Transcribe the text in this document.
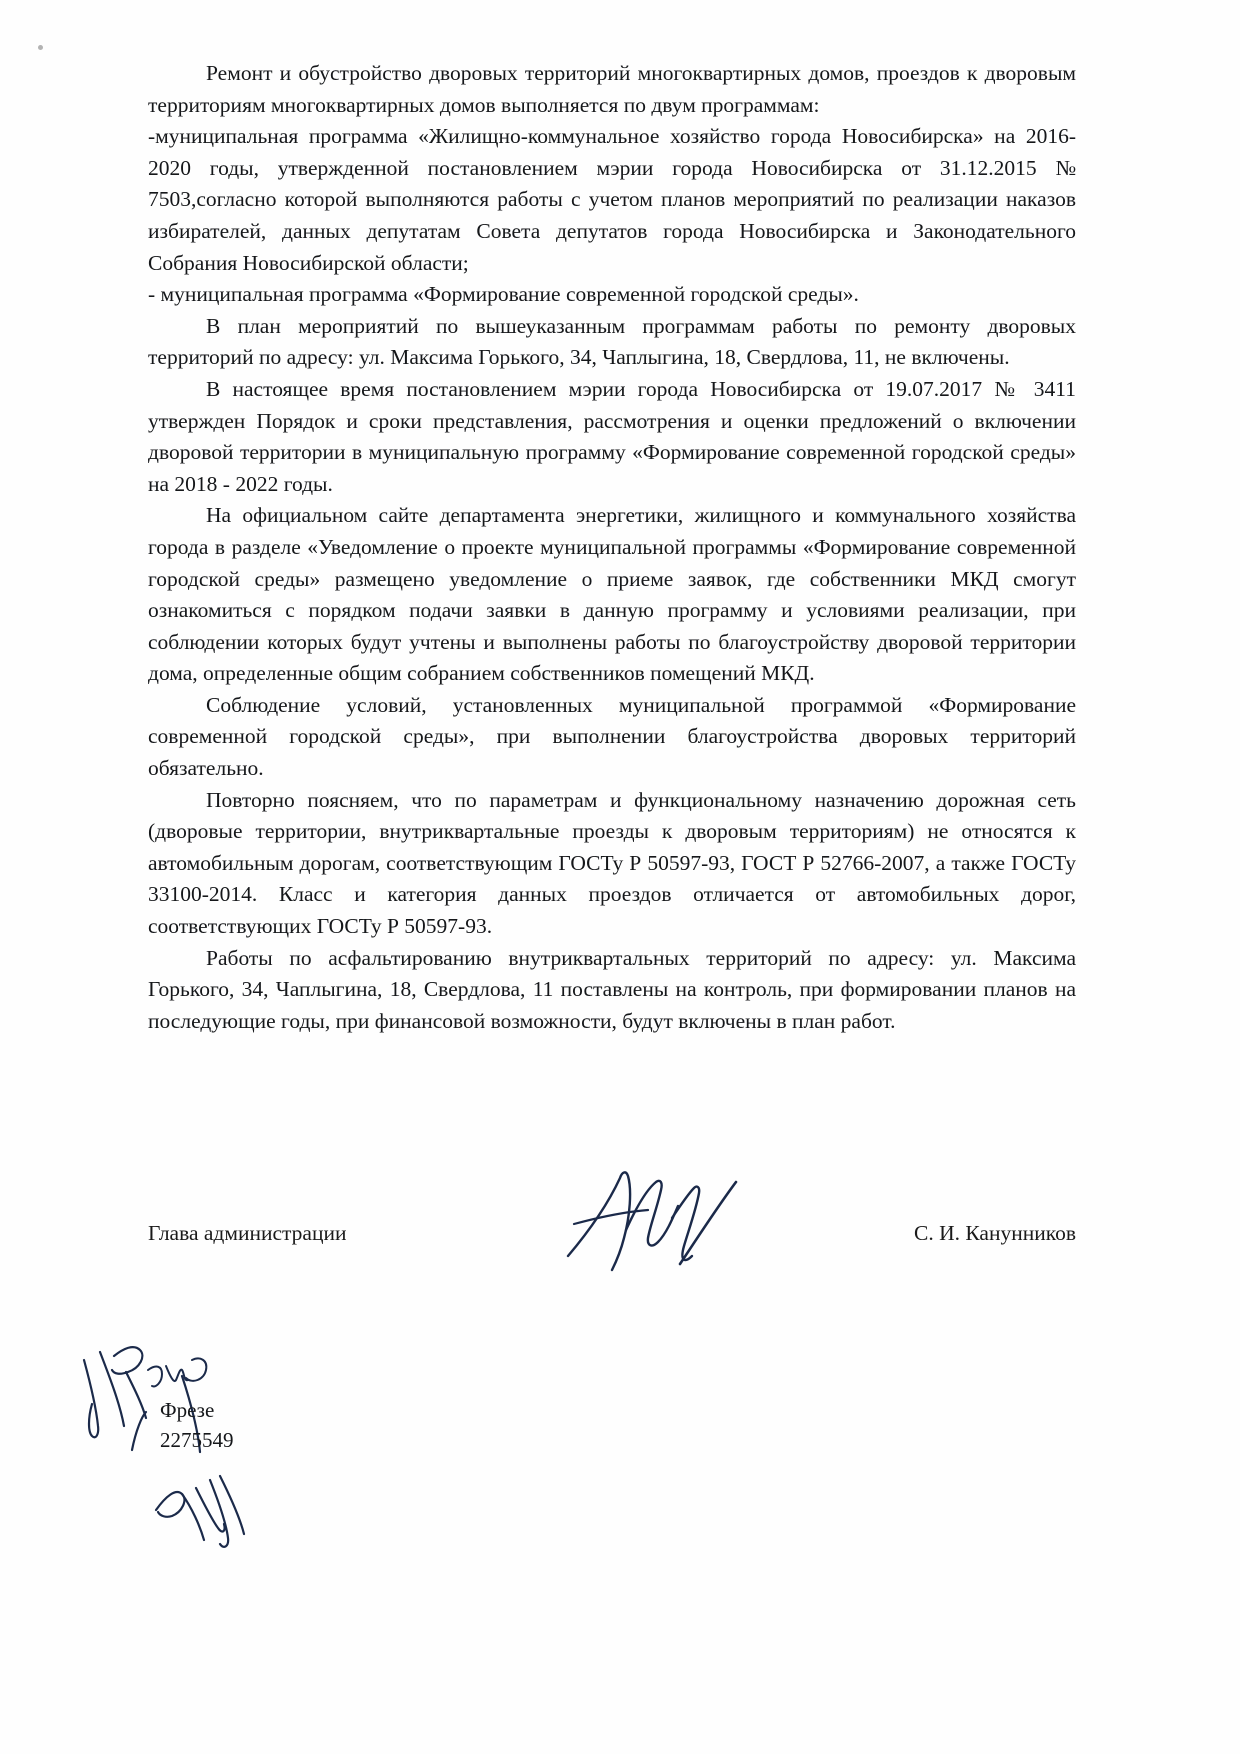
Ремонт и обустройство дворовых территорий многоквартирных домов, проездов к дворовым территориям многоквартирных домов выполняется по двум программам:

-муниципальная программа «Жилищно-коммунальное хозяйство города Новосибирска» на 2016-2020 годы, утвержденной постановлением мэрии города Новосибирска от 31.12.2015 № 7503,согласно которой выполняются работы с учетом планов мероприятий по реализации наказов избирателей, данных депутатам Совета депутатов города Новосибирска и Законодательного Собрания Новосибирской области;

- муниципальная программа «Формирование современной городской среды».

В план мероприятий по вышеуказанным программам работы по ремонту дворовых территорий по адресу: ул. Максима Горького, 34, Чаплыгина, 18, Свердлова, 11, не включены.

В настоящее время постановлением мэрии города Новосибирска от 19.07.2017 № 3411 утвержден Порядок и сроки представления, рассмотрения и оценки предложений о включении дворовой территории в муниципальную программу «Формирование современной городской среды» на 2018 - 2022 годы.

На официальном сайте департамента энергетики, жилищного и коммунального хозяйства города в разделе «Уведомление о проекте муниципальной программы «Формирование современной городской среды» размещено уведомление о приеме заявок, где собственники МКД смогут ознакомиться с порядком подачи заявки в данную программу и условиями реализации, при соблюдении которых будут учтены и выполнены работы по благоустройству дворовой территории дома, определенные общим собранием собственников помещений МКД.

Соблюдение условий, установленных муниципальной программой «Формирование современной городской среды», при выполнении благоустройства дворовых территорий обязательно.

Повторно поясняем, что по параметрам и функциональному назначению дорожная сеть (дворовые территории, внутриквартальные проезды к дворовым территориям) не относятся к автомобильным дорогам, соответствующим ГОСТу Р 50597-93, ГОСТ Р 52766-2007, а также ГОСТу 33100-2014. Класс и категория данных проездов отличается от автомобильных дорог, соответствующих ГОСТу Р 50597-93.

Работы по асфальтированию внутриквартальных территорий по адресу: ул. Максима Горького, 34, Чаплыгина, 18, Свердлова, 11 поставлены на контроль, при формировании планов на последующие годы, при финансовой возможности, будут включены в план работ.

Глава администрации	С. И. Канунников
Фрезе
2275549
